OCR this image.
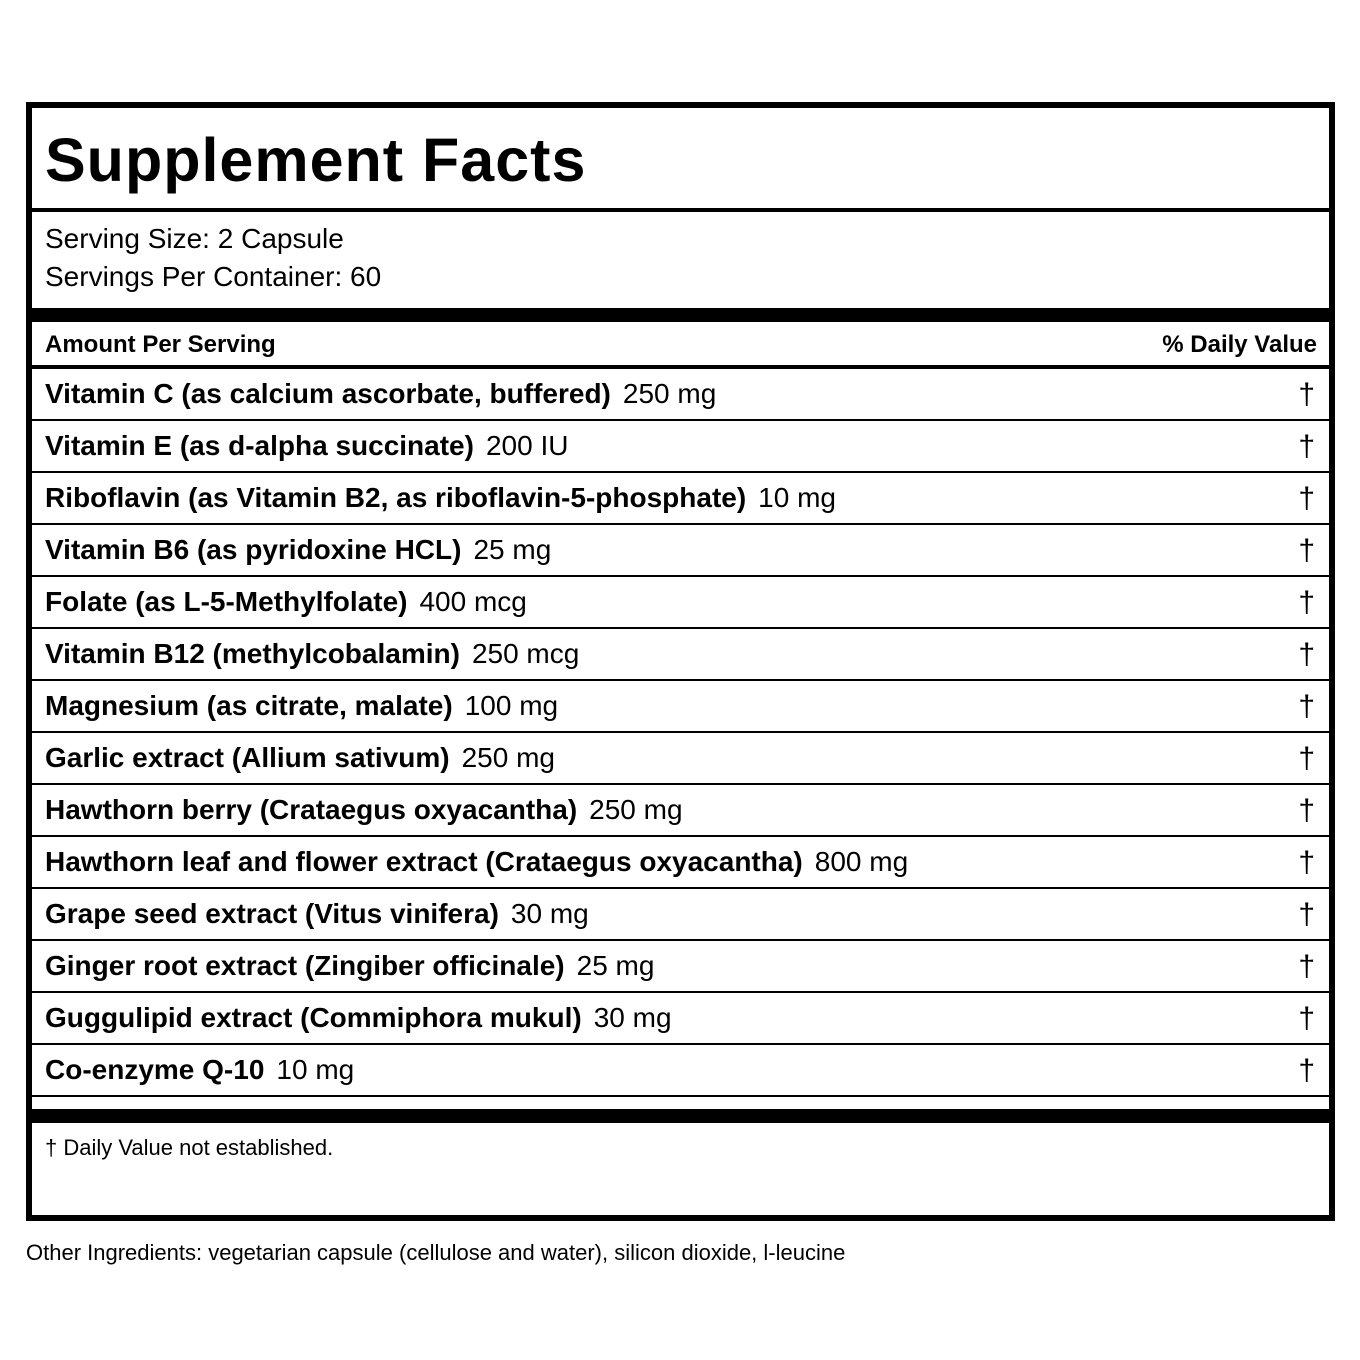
Supplement Facts
Serving Size: 2 Capsule
Servings Per Container: 60
Amount Per Serving	% Daily Value
Vitamin C (as calcium ascorbate, buffered) 250 mg	†
Vitamin E (as d-alpha succinate) 200 IU	†
Riboflavin (as Vitamin B2, as riboflavin-5-phosphate) 10 mg	†
Vitamin B6 (as pyridoxine HCL) 25 mg	†
Folate (as L-5-Methylfolate) 400 mcg	†
Vitamin B12 (methylcobalamin) 250 mcg	†
Magnesium (as citrate, malate) 100 mg	†
Garlic extract (Allium sativum) 250 mg	†
Hawthorn berry (Crataegus oxyacantha) 250 mg	†
Hawthorn leaf and flower extract (Crataegus oxyacantha) 800 mg	†
Grape seed extract (Vitus vinifera) 30 mg	†
Ginger root extract (Zingiber officinale) 25 mg	†
Guggulipid extract (Commiphora mukul) 30 mg	†
Co-enzyme Q-10 10 mg	†
† Daily Value not established.
Other Ingredients: vegetarian capsule (cellulose and water), silicon dioxide, l-leucine
